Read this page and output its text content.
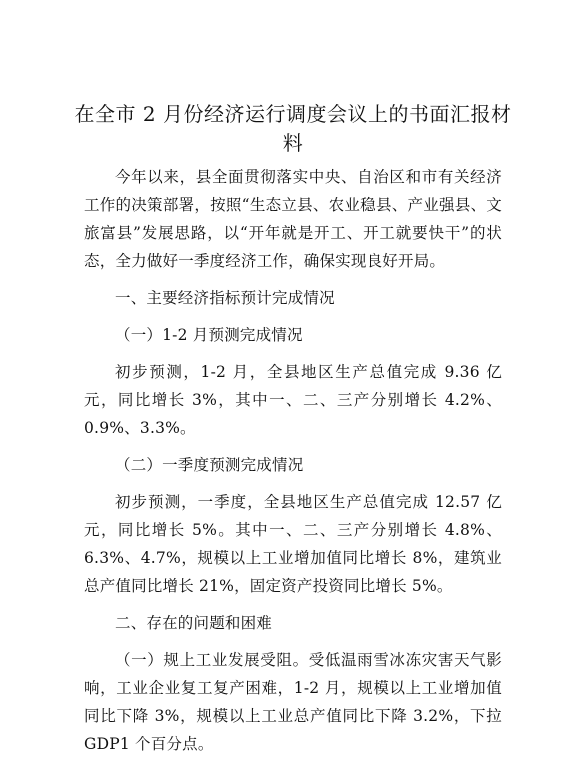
在全市 2 月份经济运行调度会议上的书面汇报材料

今年以来，县全面贯彻落实中央、自治区和市有关经济工作的决策部署，按照“生态立县、农业稳县、产业强县、文旅富县”发展思路，以“开年就是开工、开工就要快干”的状态，全力做好一季度经济工作，确保实现良好开局。

一、主要经济指标预计完成情况

（一）1-2 月预测完成情况

初步预测，1-2 月，全县地区生产总值完成 9.36 亿元，同比增长 3%，其中一、二、三产分别增长 4.2%、0.9%、3.3%。

（二）一季度预测完成情况

初步预测，一季度，全县地区生产总值完成 12.57 亿元，同比增长 5%。其中一、二、三产分别增长 4.8%、6.3%、4.7%，规模以上工业增加值同比增长 8%，建筑业总产值同比增长 21%，固定资产投资同比增长 5%。

二、存在的问题和困难

（一）规上工业发展受阻。受低温雨雪冰冻灾害天气影响，工业企业复工复产困难，1-2 月，规模以上工业增加值同比下降 3%，规模以上工业总产值同比下降 3.2%，下拉 GDP1 个百分点。
